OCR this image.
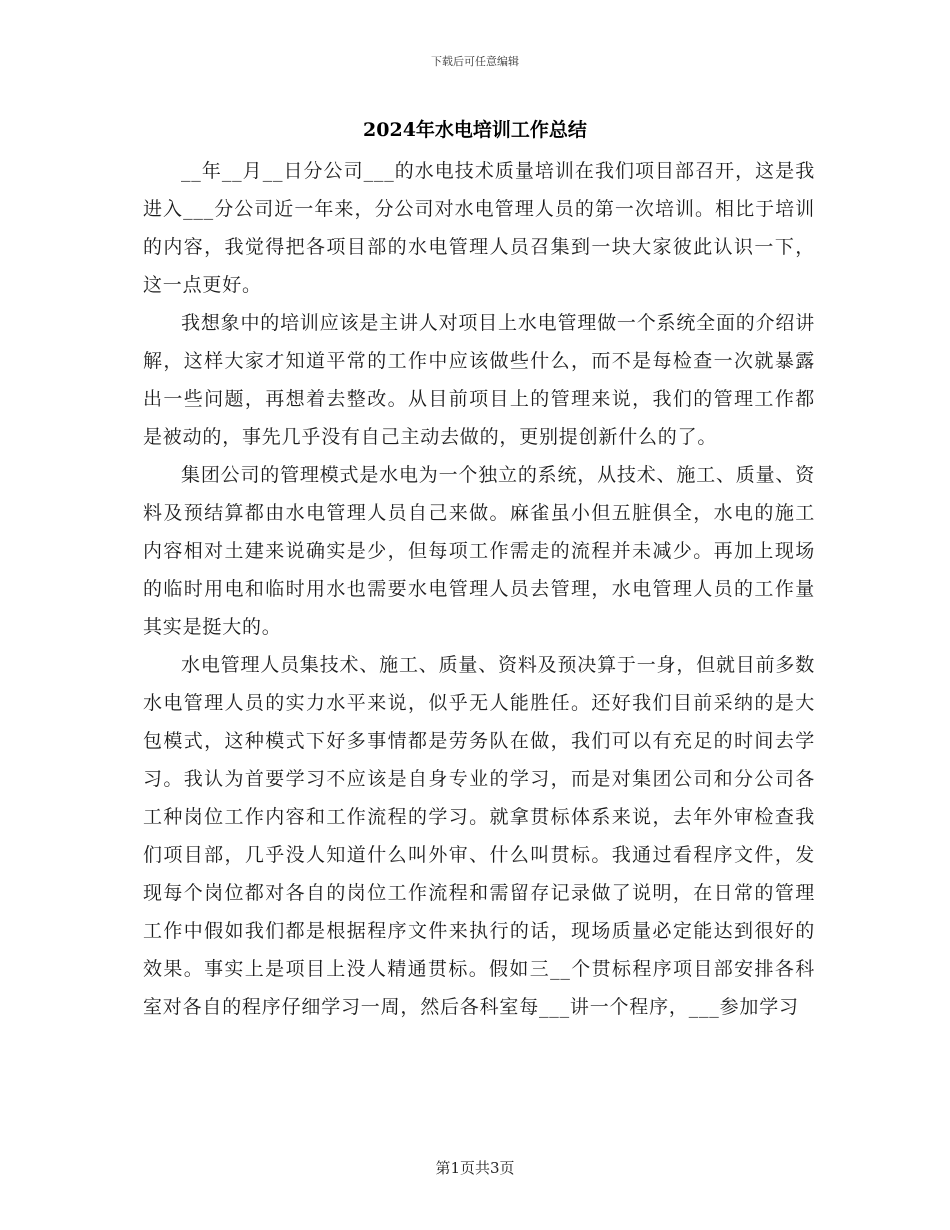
下载后可任意编辑
2024年水电培训工作总结

__年__月__日分公司___的水电技术质量培训在我们项目部召开，这是我进入___分公司近一年来，分公司对水电管理人员的第一次培训。相比于培训的内容，我觉得把各项目部的水电管理人员召集到一块大家彼此认识一下，这一点更好。

我想象中的培训应该是主讲人对项目上水电管理做一个系统全面的介绍讲解，这样大家才知道平常的工作中应该做些什么，而不是每检查一次就暴露出一些问题，再想着去整改。从目前项目上的管理来说，我们的管理工作都是被动的，事先几乎没有自己主动去做的，更别提创新什么的了。

集团公司的管理模式是水电为一个独立的系统，从技术、施工、质量、资料及预结算都由水电管理人员自己来做。麻雀虽小但五脏俱全，水电的施工内容相对土建来说确实是少，但每项工作需走的流程并未减少。再加上现场的临时用电和临时用水也需要水电管理人员去管理，水电管理人员的工作量其实是挺大的。

水电管理人员集技术、施工、质量、资料及预决算于一身，但就目前多数水电管理人员的实力水平来说，似乎无人能胜任。还好我们目前采纳的是大包模式，这种模式下好多事情都是劳务队在做，我们可以有充足的时间去学习。我认为首要学习不应该是自身专业的学习，而是对集团公司和分公司各工种岗位工作内容和工作流程的学习。就拿贯标体系来说，去年外审检查我们项目部，几乎没人知道什么叫外审、什么叫贯标。我通过看程序文件，发现每个岗位都对各自的岗位工作流程和需留存记录做了说明，在日常的管理工作中假如我们都是根据程序文件来执行的话，现场质量必定能达到很好的效果。事实上是项目上没人精通贯标。假如三__个贯标程序项目部安排各科室对各自的程序仔细学习一周，然后各科室每___讲一个程序，___参加学习

第1页共3页
